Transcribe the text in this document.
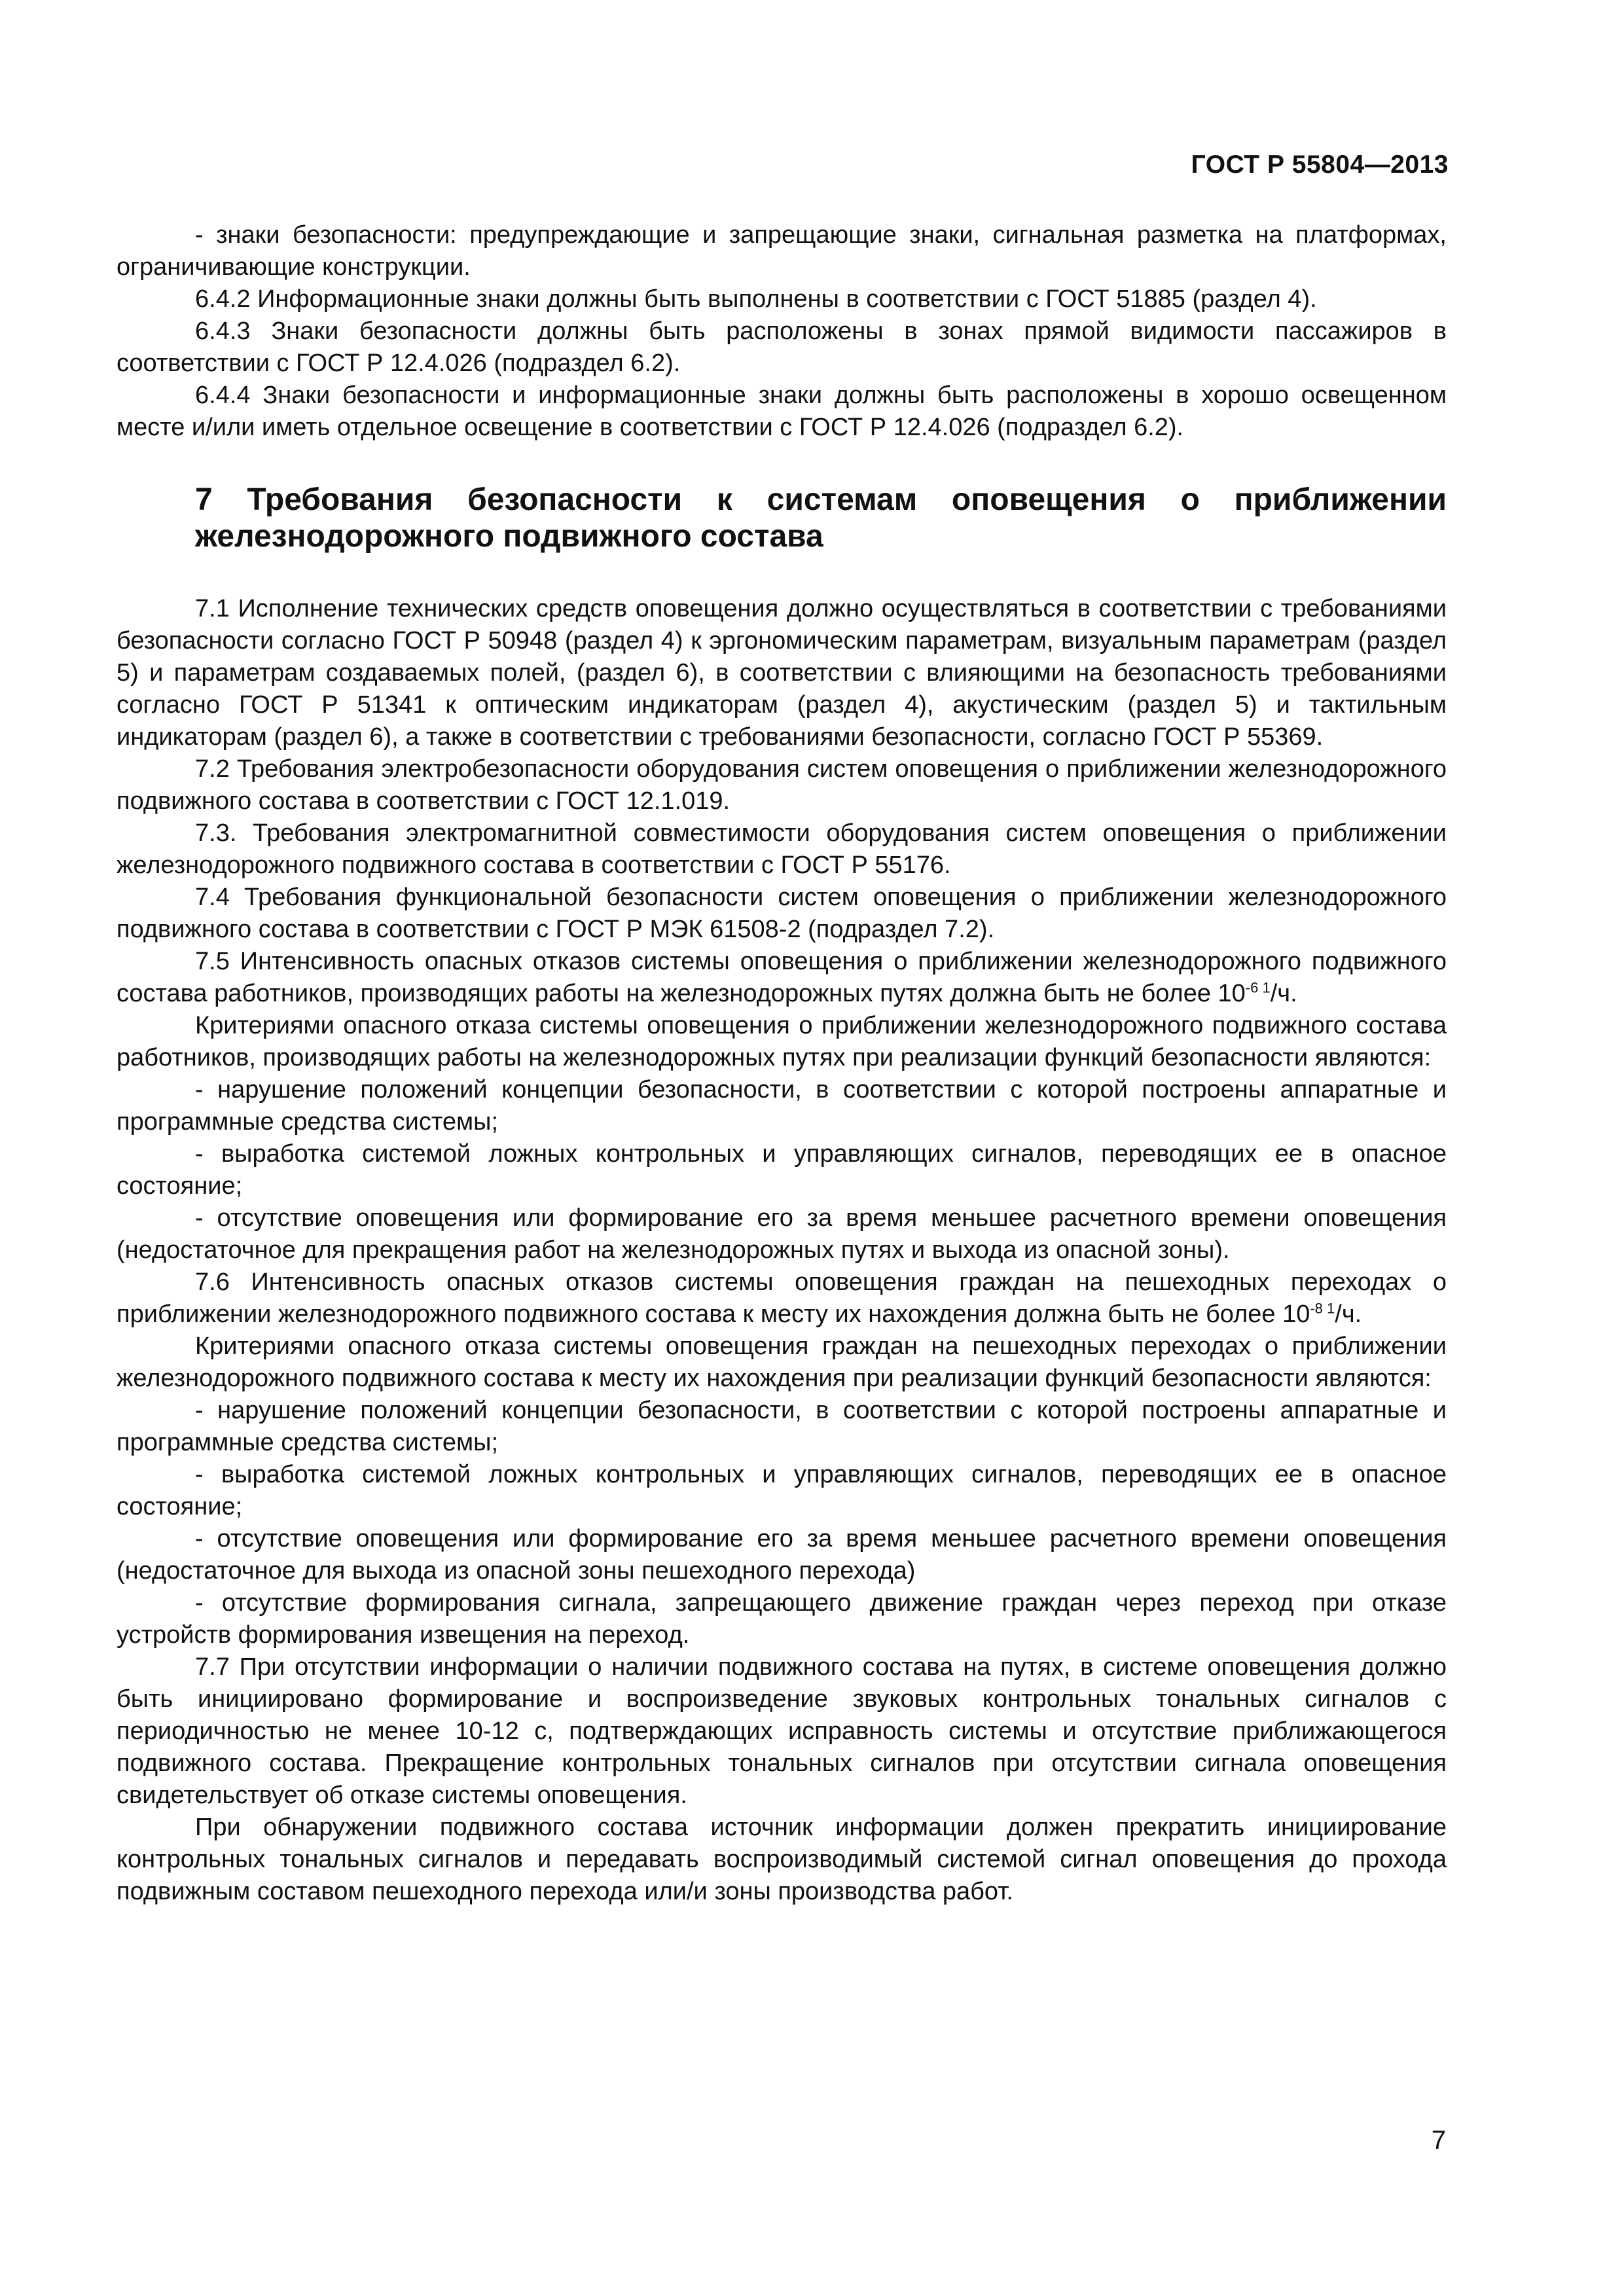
ГОСТ Р 55804—2013

- знаки безопасности: предупреждающие и запрещающие знаки, сигнальная разметка на платформах, ограничивающие конструкции.

6.4.2 Информационные знаки должны быть выполнены в соответствии с ГОСТ 51885 (раздел 4).

6.4.3 Знаки безопасности должны быть расположены в зонах прямой видимости пассажиров в соответствии с ГОСТ Р 12.4.026 (подраздел 6.2).

6.4.4 Знаки безопасности и информационные знаки должны быть расположены в хорошо освещенном месте и/или иметь отдельное освещение в соответствии с ГОСТ Р 12.4.026 (подраздел 6.2).

7 Требования безопасности к системам оповещения о приближении железнодорожного подвижного состава

7.1 Исполнение технических средств оповещения должно осуществляться в соответствии с требованиями безопасности согласно ГОСТ Р 50948 (раздел 4) к эргономическим параметрам, визуальным параметрам (раздел 5) и параметрам создаваемых полей, (раздел 6), в соответствии с влияющими на безопасность требованиями согласно ГОСТ Р 51341 к оптическим индикаторам (раздел 4), акустическим (раздел 5) и тактильным индикаторам (раздел 6), а также в соответствии с требованиями безопасности, согласно ГОСТ Р 55369.

7.2 Требования электробезопасности оборудования систем оповещения о приближении железнодорожного подвижного состава в соответствии с ГОСТ 12.1.019.

7.3. Требования электромагнитной совместимости оборудования систем оповещения о приближении железнодорожного подвижного состава в соответствии с ГОСТ Р 55176.

7.4 Требования функциональной безопасности систем оповещения о приближении железнодорожного подвижного состава в соответствии с ГОСТ Р МЭК 61508-2 (подраздел 7.2).

7.5 Интенсивность опасных отказов системы оповещения о приближении железнодорожного подвижного состава работников, производящих работы на железнодорожных путях должна быть не более $10^{-6}$ $^1$/ч.

Критериями опасного отказа системы оповещения о приближении железнодорожного подвижного состава работников, производящих работы на железнодорожных путях при реализации функций безопасности являются:

- нарушение положений концепции безопасности, в соответствии с которой построены аппаратные и программные средства системы;

- выработка системой ложных контрольных и управляющих сигналов, переводящих ее в опасное состояние;

- отсутствие оповещения или формирование его за время меньшее расчетного времени оповещения (недостаточное для прекращения работ на железнодорожных путях и выхода из опасной зоны).

7.6 Интенсивность опасных отказов системы оповещения граждан на пешеходных переходах о приближении железнодорожного подвижного состава к месту их нахождения должна быть не более $10^{-8}$ $^1$/ч.

Критериями опасного отказа системы оповещения граждан на пешеходных переходах о приближении железнодорожного подвижного состава к месту их нахождения при реализации функций безопасности являются:

- нарушение положений концепции безопасности, в соответствии с которой построены аппаратные и программные средства системы;

- выработка системой ложных контрольных и управляющих сигналов, переводящих ее в опасное состояние;

- отсутствие оповещения или формирование его за время меньшее расчетного времени оповещения (недостаточное для выхода из опасной зоны пешеходного перехода)

- отсутствие формирования сигнала, запрещающего движение граждан через переход при отказе устройств формирования извещения на переход.

7.7 При отсутствии информации о наличии подвижного состава на путях, в системе оповещения должно быть инициировано формирование и воспроизведение звуковых контрольных тональных сигналов с периодичностью не менее 10-12 с, подтверждающих исправность системы и отсутствие приближающегося подвижного состава. Прекращение контрольных тональных сигналов при отсутствии сигнала оповещения свидетельствует об отказе системы оповещения.

При обнаружении подвижного состава источник информации должен прекратить инициирование контрольных тональных сигналов и передавать воспроизводимый системой сигнал оповещения до прохода подвижным составом пешеходного перехода или/и зоны производства работ.

7
